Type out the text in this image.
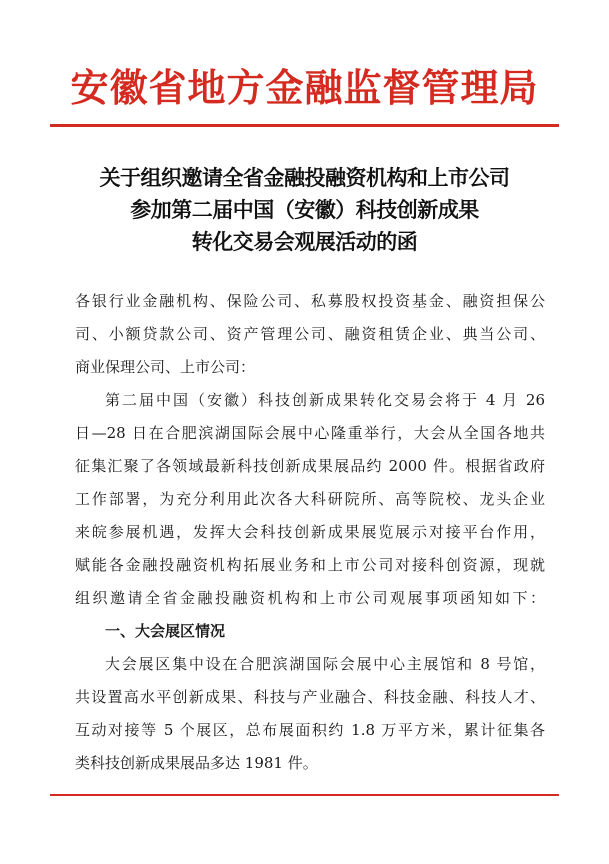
安徽省地方金融监督管理局
关于组织邀请全省金融投融资机构和上市公司
参加第二届中国（安徽）科技创新成果
转化交易会观展活动的函
各银行业金融机构、保险公司、私募股权投资基金、融资担保公
司、小额贷款公司、资产管理公司、融资租赁企业、典当公司、
商业保理公司、上市公司：
第二届中国（安徽）科技创新成果转化交易会将于 4 月 26
日—28 日在合肥滨湖国际会展中心隆重举行，大会从全国各地共
征集汇聚了各领域最新科技创新成果展品约 2000 件。根据省政府
工作部署，为充分利用此次各大科研院所、高等院校、龙头企业
来皖参展机遇，发挥大会科技创新成果展览展示对接平台作用，
赋能各金融投融资机构拓展业务和上市公司对接科创资源，现就
组织邀请全省金融投融资机构和上市公司观展事项函知如下：
一、大会展区情况
大会展区集中设在合肥滨湖国际会展中心主展馆和 8 号馆，
共设置高水平创新成果、科技与产业融合、科技金融、科技人才、
互动对接等 5 个展区，总布展面积约 1.8 万平方米，累计征集各
类科技创新成果展品多达 1981 件。
